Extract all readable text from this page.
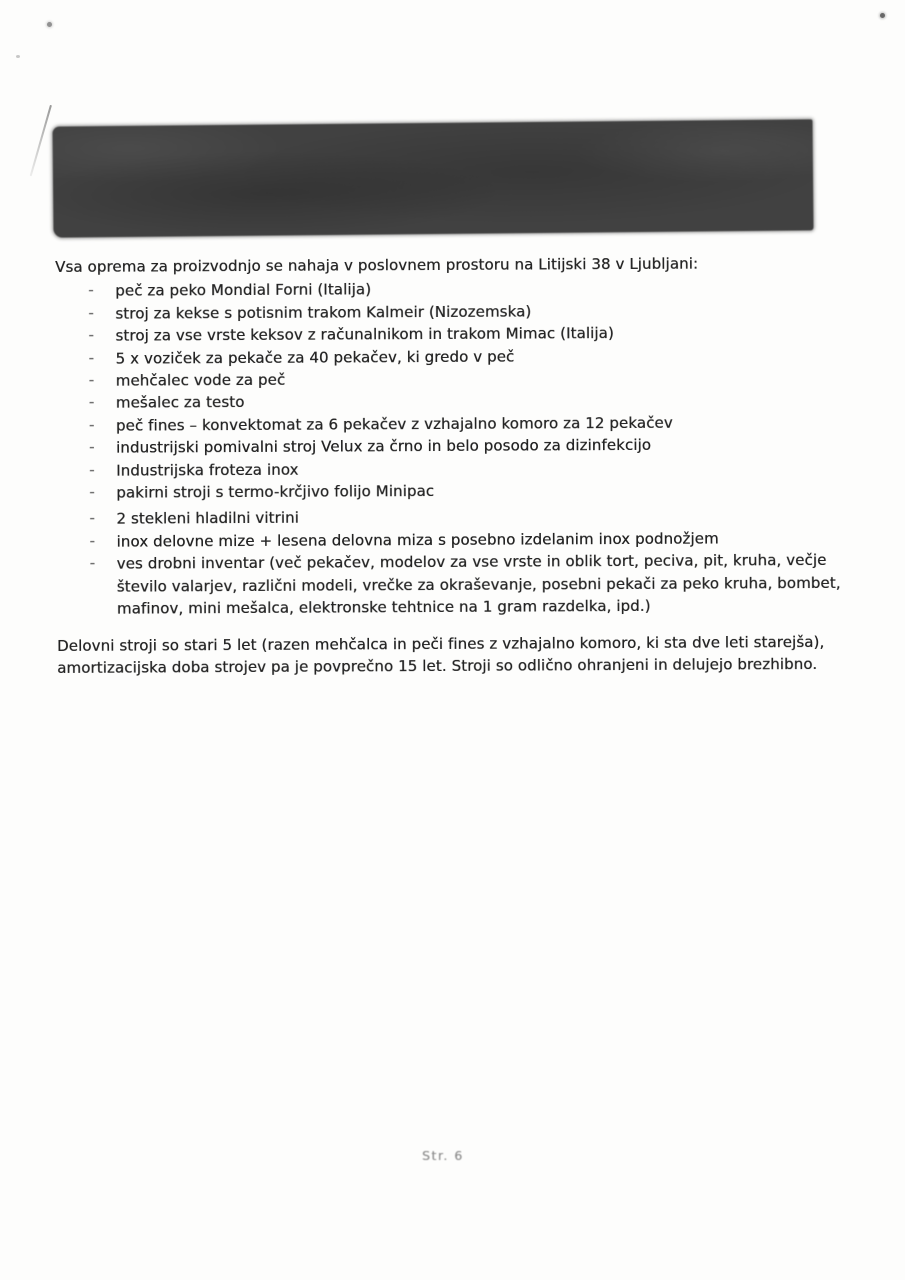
Vsa oprema za proizvodnjo se nahaja v poslovnem prostoru na Litijski 38 v Ljubljani:

- peč za peko Mondial Forni (Italija)
- stroj za kekse s potisnim trakom Kalmeir (Nizozemska)
- stroj za vse vrste keksov z računalnikom in trakom Mimac (Italija)
- 5 x voziček za pekače za 40 pekačev, ki gredo v peč
- mehčalec vode za peč
- mešalec za testo
- peč fines – konvektomat za 6 pekačev z vzhajalno komoro za 12 pekačev
- industrijski pomivalni stroj Velux za črno in belo posodo za dizinfekcijo
- Industrijska froteza inox
- pakirni stroji s termo-krčjivo folijo Minipac
- 2 stekleni hladilni vitrini
- inox delovne mize + lesena delovna miza s posebno izdelanim inox podnožjem
- ves drobni inventar (več pekačev, modelov za vse vrste in oblik tort, peciva, pit, kruha, večje število valarjev, različni modeli, vrečke za okraševanje, posebni pekači za peko kruha, bombet, mafinov, mini mešalca, elektronske tehtnice na 1 gram razdelka, ipd.)

Delovni stroji so stari 5 let (razen mehčalca in peči fines z vzhajalno komoro, ki sta dve leti starejša), amortizacijska doba strojev pa je povprečno 15 let. Stroji so odlično ohranjeni in delujejo brezhibno.

Str. 6
